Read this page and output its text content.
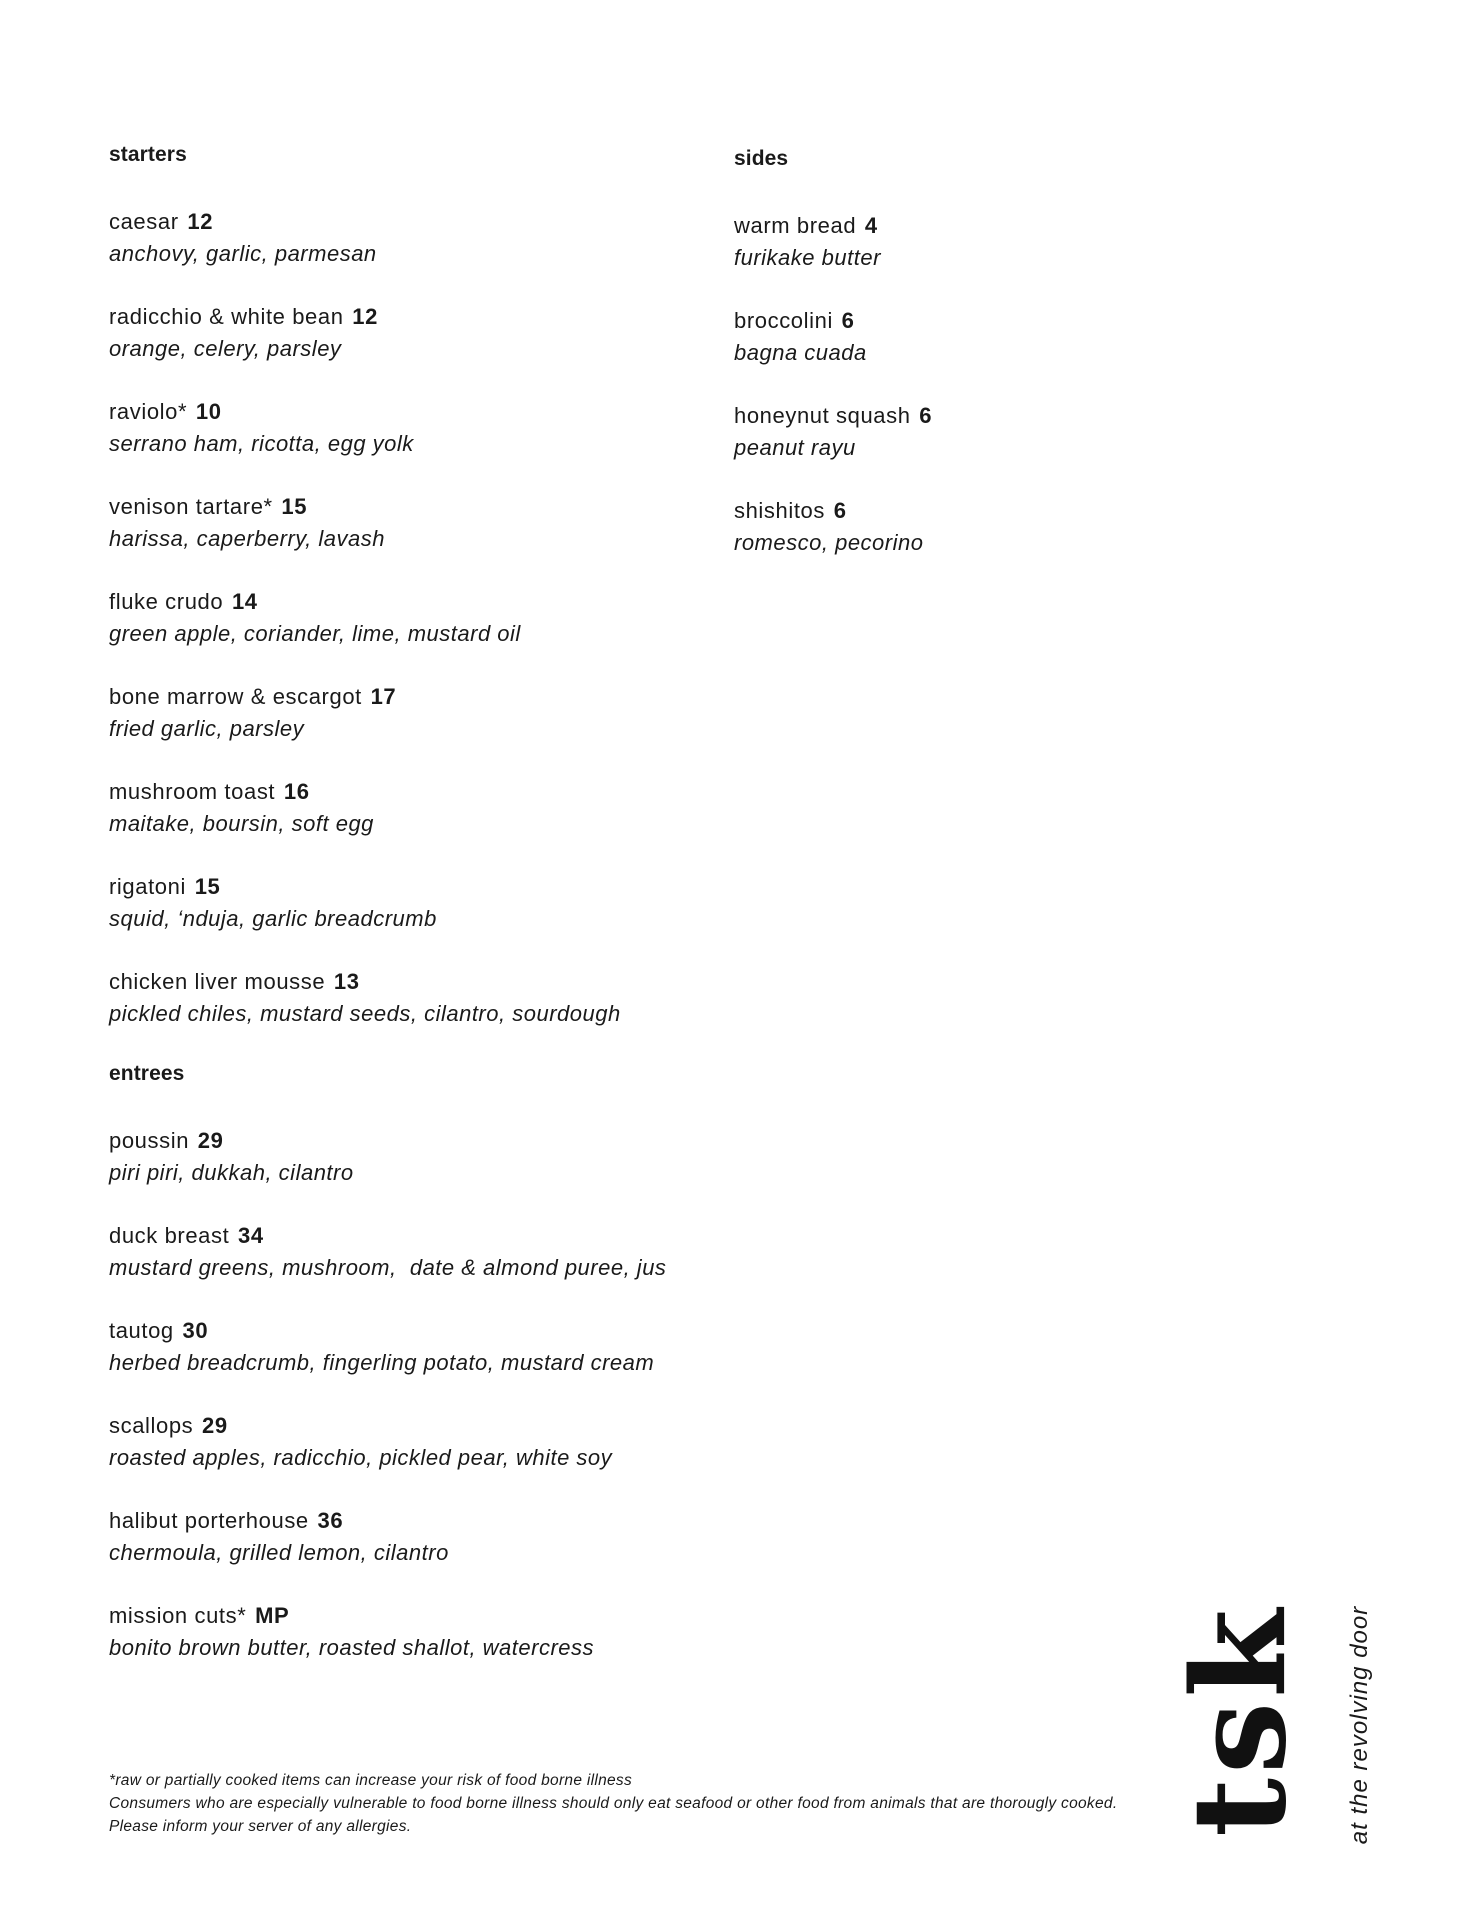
starters
caesar 12
anchovy, garlic, parmesan
radicchio & white bean 12
orange, celery, parsley
raviolo* 10
serrano ham, ricotta, egg yolk
venison tartare* 15
harissa, caperberry, lavash
fluke crudo 14
green apple, coriander, lime, mustard oil
bone marrow & escargot 17
fried garlic, parsley
mushroom toast 16
maitake, boursin, soft egg
rigatoni 15
squid, ‘nduja, garlic breadcrumb
chicken liver mousse 13
pickled chiles, mustard seeds, cilantro, sourdough
entrees
poussin 29
piri piri, dukkah, cilantro
duck breast 34
mustard greens, mushroom,  date & almond puree, jus
tautog 30
herbed breadcrumb, fingerling potato, mustard cream
scallops 29
roasted apples, radicchio, pickled pear, white soy
halibut porterhouse 36
chermoula, grilled lemon, cilantro
mission cuts* MP
bonito brown butter, roasted shallot, watercress
sides
warm bread 4
furikake butter
broccolini 6
bagna cuada
honeynut squash 6
peanut rayu
shishitos 6
romesco, pecorino
*raw or partially cooked items can increase your risk of food borne illness
Consumers who are especially vulnerable to food borne illness should only eat seafood or other food from animals that are thorougly cooked. Please inform your server of any allergies.	tsk at the revolving door
